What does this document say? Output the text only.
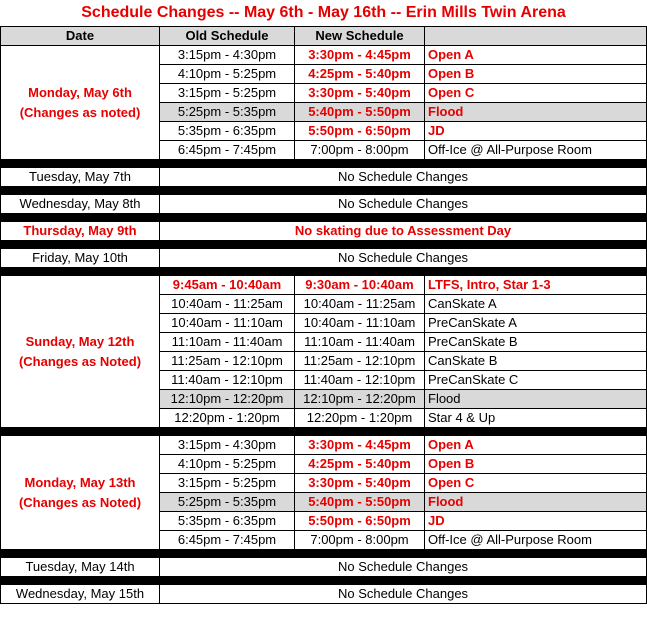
Schedule Changes -- May 6th - May 16th -- Erin Mills Twin Arena			
Date	Old Schedule	New Schedule	

Monday, May 6th
(Changes as noted)	3:15pm - 4:30pm	3:30pm - 4:45pm	Open A
	4:10pm - 5:25pm	4:25pm - 5:40pm	Open B
	3:15pm - 5:25pm	3:30pm - 5:40pm	Open C
	5:25pm - 5:35pm	5:40pm - 5:50pm	Flood
	5:35pm - 6:35pm	5:50pm - 6:50pm	JD
	6:45pm - 7:45pm	7:00pm - 8:00pm	Off-Ice @ All-Purpose Room

Tuesday, May 7th	No Schedule Changes		

Wednesday, May 8th	No Schedule Changes		

Thursday, May 9th	No skating due to Assessment Day		

Friday, May 10th	No Schedule Changes		

Sunday, May 12th
(Changes as Noted)	9:45am - 10:40am	9:30am - 10:40am	LTFS, Intro, Star 1-3
	10:40am - 11:25am	10:40am - 11:25am	CanSkate A
	10:40am - 11:10am	10:40am - 11:10am	PreCanSkate A
	11:10am - 11:40am	11:10am - 11:40am	PreCanSkate B
	11:25am - 12:10pm	11:25am - 12:10pm	CanSkate B
	11:40am - 12:10pm	11:40am - 12:10pm	PreCanSkate C
	12:10pm - 12:20pm	12:10pm - 12:20pm	Flood
	12:20pm - 1:20pm	12:20pm - 1:20pm	Star 4 & Up

Monday, May 13th
(Changes as Noted)	3:15pm - 4:30pm	3:30pm - 4:45pm	Open A
	4:10pm - 5:25pm	4:25pm - 5:40pm	Open B
	3:15pm - 5:25pm	3:30pm - 5:40pm	Open C
	5:25pm - 5:35pm	5:40pm - 5:50pm	Flood
	5:35pm - 6:35pm	5:50pm - 6:50pm	JD
	6:45pm - 7:45pm	7:00pm - 8:00pm	Off-Ice @ All-Purpose Room

Tuesday, May 14th	No Schedule Changes		

Wednesday, May 15th	No Schedule Changes		
